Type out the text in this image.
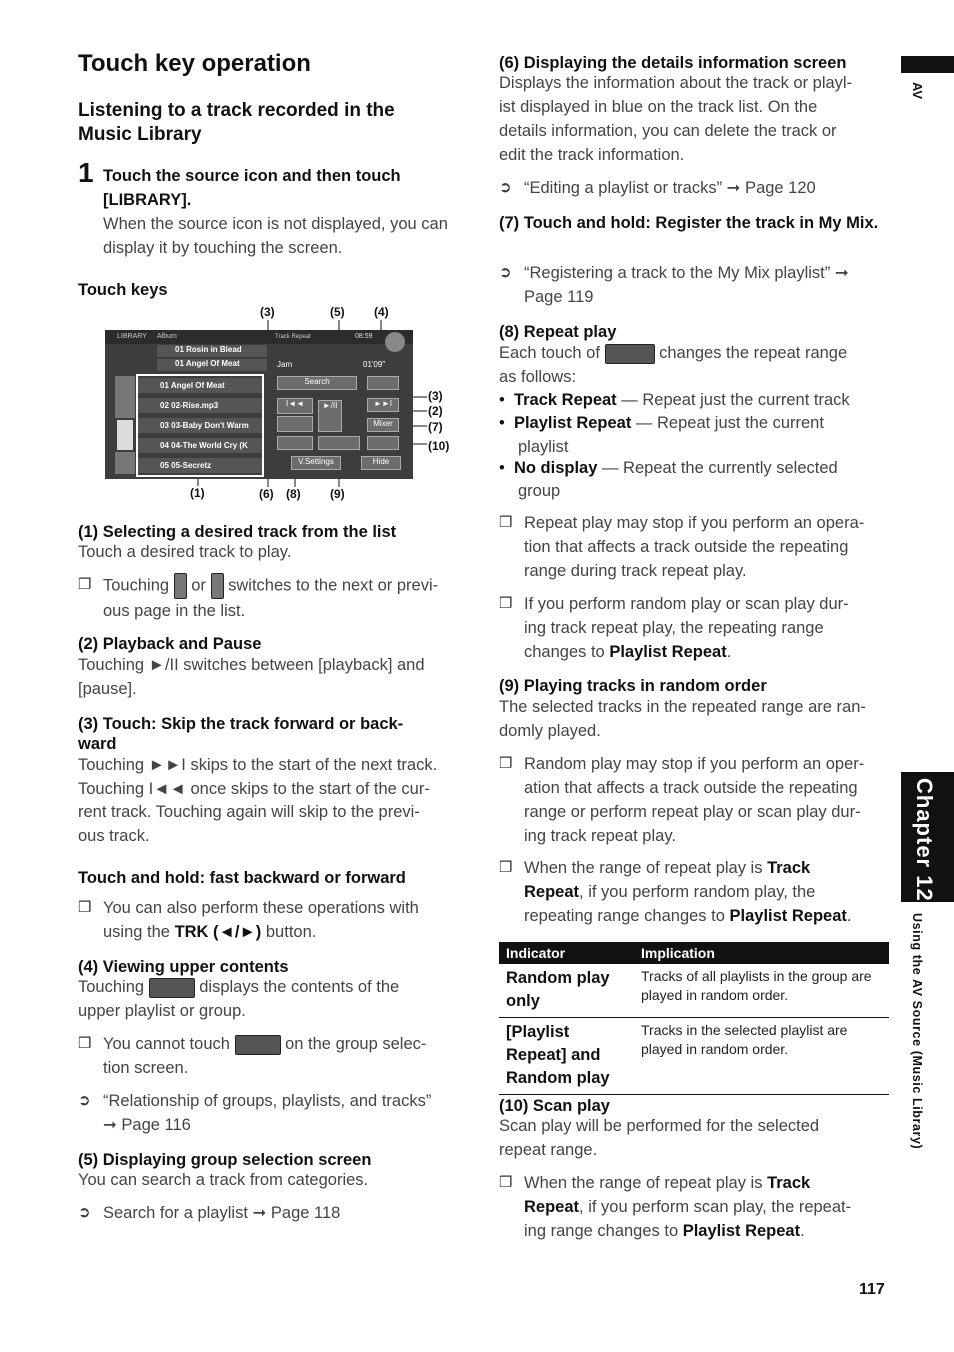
AV
Chapter 12
Using the AV Source (Music Library)
Touch key operation
Listening to a track recorded in the Music Library
1 Touch the source icon and then touch [LIBRARY].
When the source icon is not displayed, you can display it by touching the screen.
Touch keys
(3)	(5) (4)
(3)
(2)
(7)
(10)
(1)	(6) (8) (9)
LIBRARY Album	Track Repeat	08:59
01 Rosin in Blead
01 Angel Of Meat
01 Angel Of Meat
02 02-Rise.mp3
03 03-Baby Don't Warm
04 04-The World Cry (K
05 05-Secretz
Jam	01'09"
Search
I◄◄	►/II	►►I
Mixer
V.Settings	Hide
(1) Selecting a desired track from the list
Touch a desired track to play.
❒ Touching or switches to the next or previ-
ous page in the list.
(2) Playback and Pause
Touching ►/II switches between [playback] and
[pause].
(3) Touch: Skip the track forward or back-
ward
Touching ►►I skips to the start of the next track.
Touching I◄◄ once skips to the start of the cur-
rent track. Touching again will skip to the previ-
ous track.
Touch and hold: fast backward or forward
❒ You can also perform these operations with
using the TRK (◄/►) button.
(4) Viewing upper contents
Touching	displays the contents of the
upper playlist or group.
❒ You cannot touch	on the group selec-
tion screen.
➲ “Relationship of groups, playlists, and tracks”
➞ Page 116
(5) Displaying group selection screen
You can search a track from categories.
➲ Search for a playlist ➞ Page 118
(6) Displaying the details information screen
Displays the information about the track or playl-
ist displayed in blue on the track list. On the
details information, you can delete the track or
edit the track information.
➲ “Editing a playlist or tracks” ➞ Page 120
(7) Touch and hold: Register the track in My Mix.
➲ “Registering a track to the My Mix playlist” ➞
Page 119
(8) Repeat play
Each touch of	changes the repeat range
as follows:
• Track Repeat — Repeat just the current track
• Playlist Repeat — Repeat just the current
playlist
• No display — Repeat the currently selected
group
❒ Repeat play may stop if you perform an opera-
tion that affects a track outside the repeating
range during track repeat play.
❒ If you perform random play or scan play dur-
ing track repeat play, the repeating range
changes to Playlist Repeat.
(9) Playing tracks in random order
The selected tracks in the repeated range are ran-
domly played.
❒ Random play may stop if you perform an oper-
ation that affects a track outside the repeating
range or perform repeat play or scan play dur-
ing track repeat play.
❒ When the range of repeat play is Track
Repeat, if you perform random play, the
repeating range changes to Playlist Repeat.
Indicator	Implication
Random play only	Tracks of all playlists in the group are played in random order.
[Playlist Repeat] and Random play	Tracks in the selected playlist are played in random order.
(10) Scan play
Scan play will be performed for the selected
repeat range.
❒ When the range of repeat play is Track
Repeat, if you perform scan play, the repeat-
ing range changes to Playlist Repeat.
117
